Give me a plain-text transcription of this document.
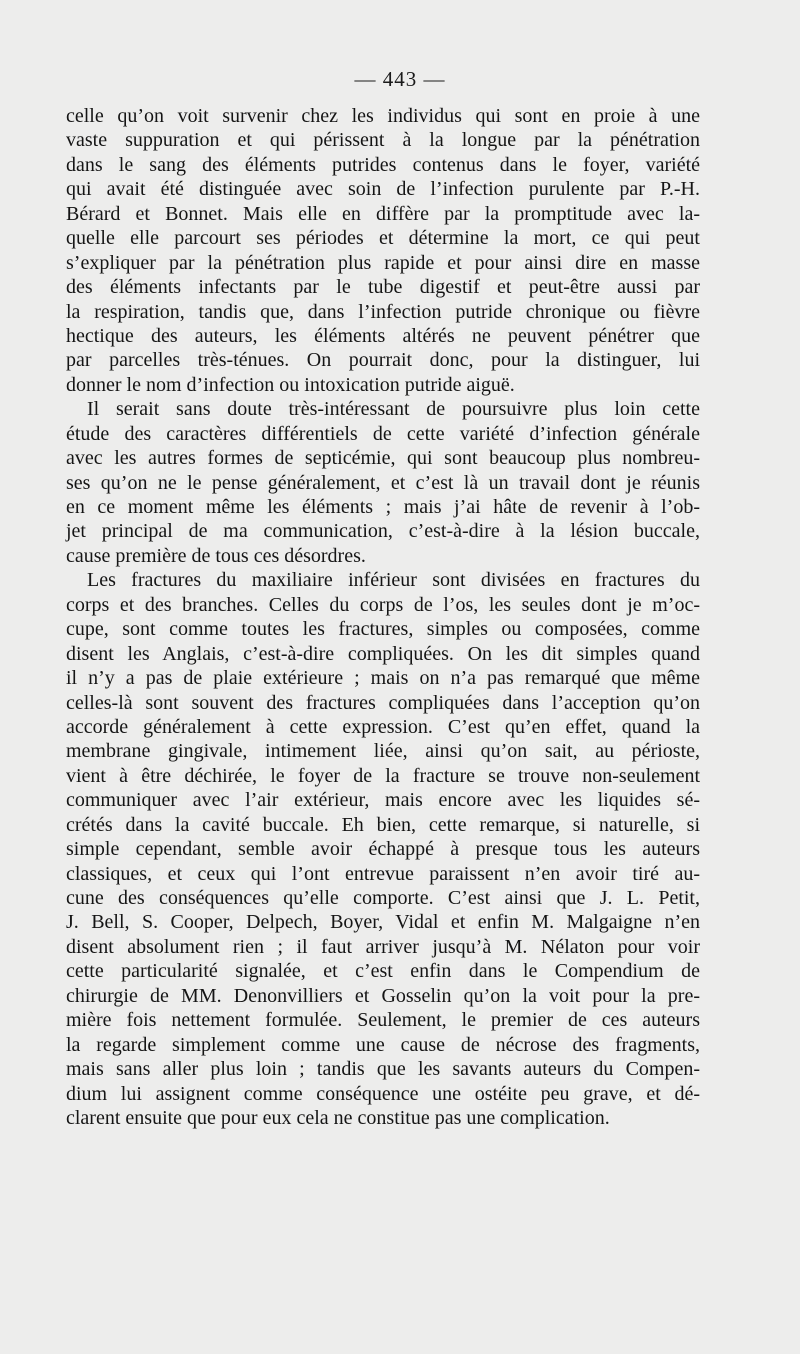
— 443 —
celle qu’on voit survenir chez les individus qui sont en proie à une
vaste suppuration et qui périssent à la longue par la pénétration
dans le sang des éléments putrides contenus dans le foyer, variété
qui avait été distinguée avec soin de l’infection purulente par P.-H.
Bérard et Bonnet. Mais elle en diffère par la promptitude avec la-
quelle elle parcourt ses périodes et détermine la mort, ce qui peut
s’expliquer par la pénétration plus rapide et pour ainsi dire en masse
des éléments infectants par le tube digestif et peut-être aussi par
la respiration, tandis que, dans l’infection putride chronique ou fièvre
hectique des auteurs, les éléments altérés ne peuvent pénétrer que
par parcelles très-ténues. On pourrait donc, pour la distinguer, lui
donner le nom d’infection ou intoxication putride aiguë.
Il serait sans doute très-intéressant de poursuivre plus loin cette
étude des caractères différentiels de cette variété d’infection générale
avec les autres formes de septicémie, qui sont beaucoup plus nombreu-
ses qu’on ne le pense généralement, et c’est là un travail dont je réunis
en ce moment même les éléments ; mais j’ai hâte de revenir à l’ob-
jet principal de ma communication, c’est-à-dire à la lésion buccale,
cause première de tous ces désordres.
Les fractures du maxiliaire inférieur sont divisées en fractures du
corps et des branches. Celles du corps de l’os, les seules dont je m’oc-
cupe, sont comme toutes les fractures, simples ou composées, comme
disent les Anglais, c’est-à-dire compliquées. On les dit simples quand
il n’y a pas de plaie extérieure ; mais on n’a pas remarqué que même
celles-là sont souvent des fractures compliquées dans l’acception qu’on
accorde généralement à cette expression. C’est qu’en effet, quand la
membrane gingivale, intimement liée, ainsi qu’on sait, au périoste,
vient à être déchirée, le foyer de la fracture se trouve non-seulement
communiquer avec l’air extérieur, mais encore avec les liquides sé-
crétés dans la cavité buccale. Eh bien, cette remarque, si naturelle, si
simple cependant, semble avoir échappé à presque tous les auteurs
classiques, et ceux qui l’ont entrevue paraissent n’en avoir tiré au-
cune des conséquences qu’elle comporte. C’est ainsi que J. L. Petit,
J. Bell, S. Cooper, Delpech, Boyer, Vidal et enfin M. Malgaigne n’en
disent absolument rien ; il faut arriver jusqu’à M. Nélaton pour voir
cette particularité signalée, et c’est enfin dans le Compendium de
chirurgie de MM. Denonvilliers et Gosselin qu’on la voit pour la pre-
mière fois nettement formulée. Seulement, le premier de ces auteurs
la regarde simplement comme une cause de nécrose des fragments,
mais sans aller plus loin ; tandis que les savants auteurs du Compen-
dium lui assignent comme conséquence une ostéite peu grave, et dé-
clarent ensuite que pour eux cela ne constitue pas une complication.
